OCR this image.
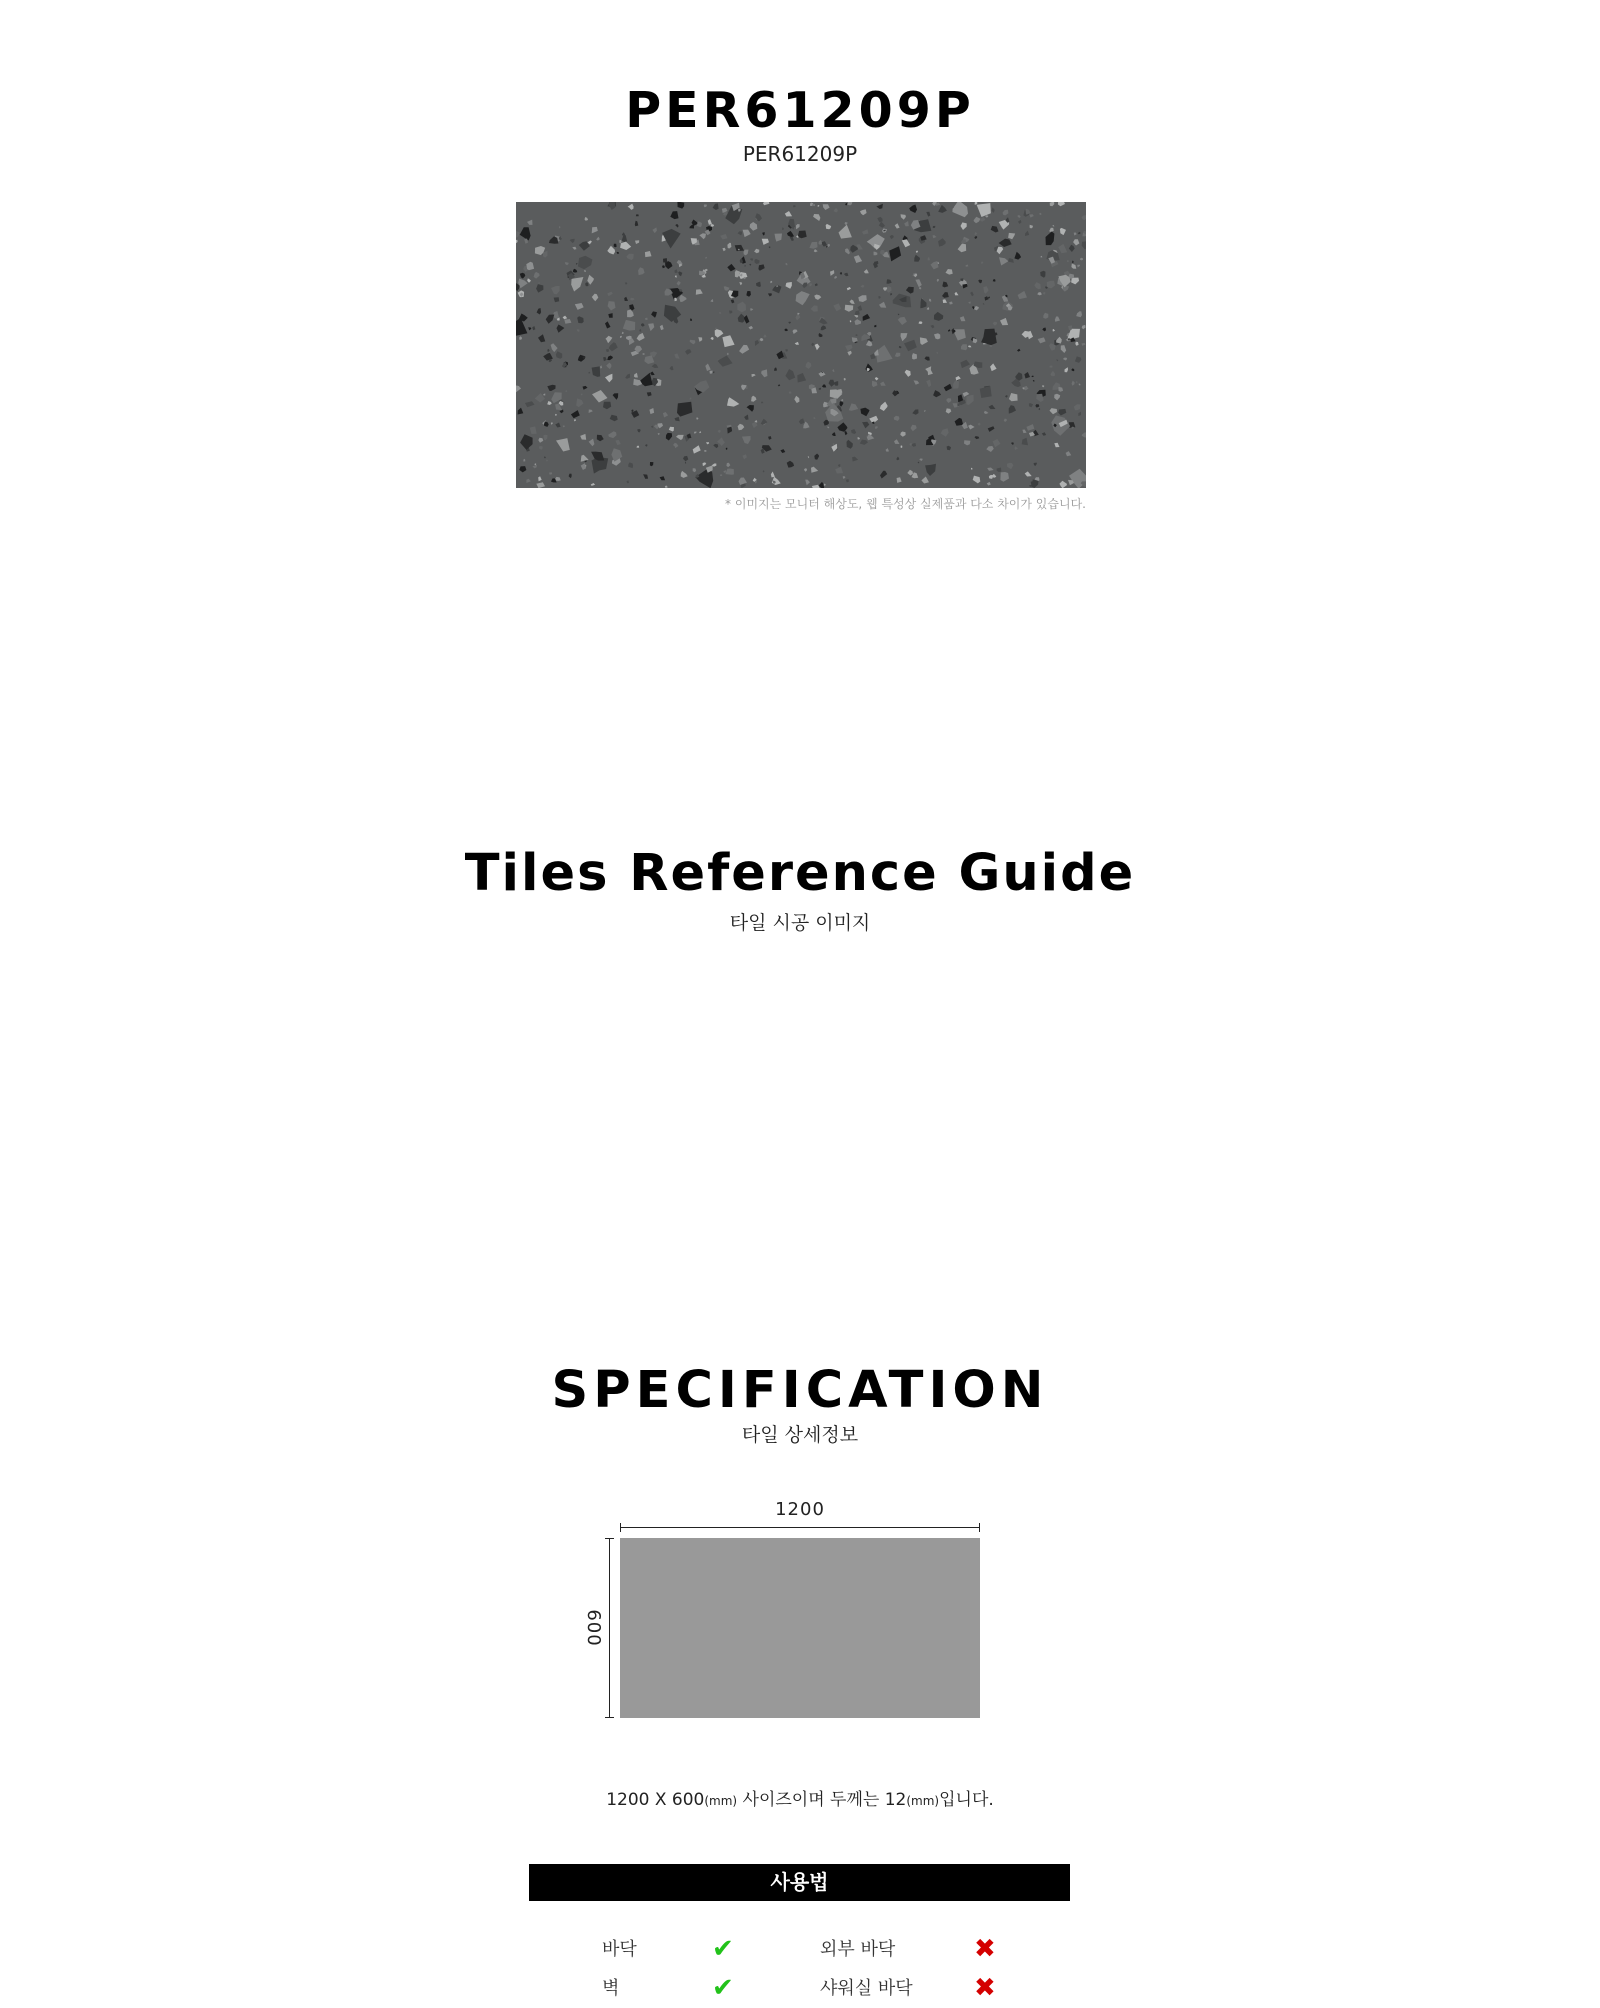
PER61209P
PER61209P
* 이미지는 모니터 해상도, 웹 특성상 실제품과 다소 차이가 있습니다.
Tiles Reference Guide
타일 시공 이미지
SPECIFICATION
타일 상세정보
1200
600
1200 X 600(mm) 사이즈이며 두께는 12(mm)입니다.
사용법
바닥	✔	외부 바닥	✖
벽	✔	샤워실 바닥 ✖
